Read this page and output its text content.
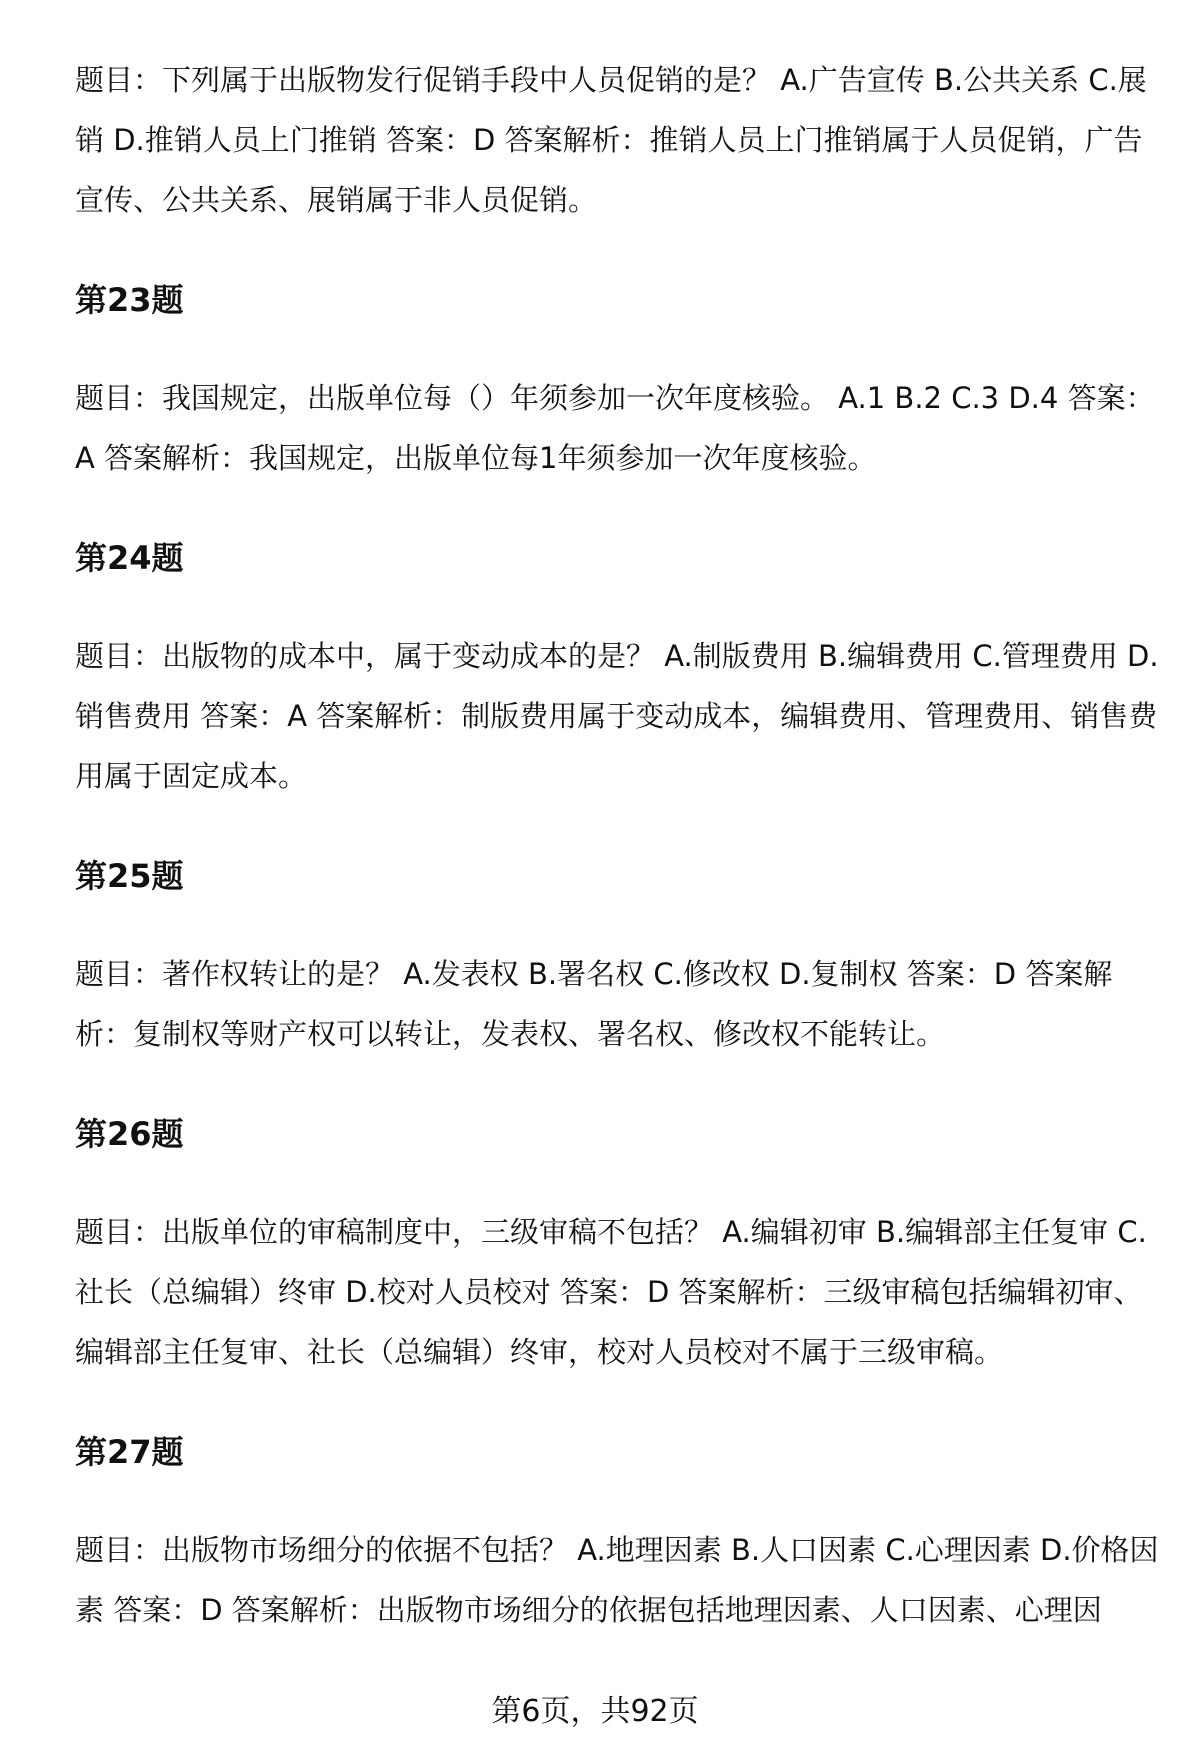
题目：下列属于出版物发行促销手段中人员促销的是？ A.广告宣传 B.公共关系 C.展销 D.推销人员上门推销 答案：D 答案解析：推销人员上门推销属于人员促销，广告宣传、公共关系、展销属于非人员促销。

第23题

题目：我国规定，出版单位每（）年须参加一次年度核验。 A.1 B.2 C.3 D.4 答案：A 答案解析：我国规定，出版单位每1年须参加一次年度核验。

第24题

题目：出版物的成本中，属于变动成本的是？ A.制版费用 B.编辑费用 C.管理费用 D.销售费用 答案：A 答案解析：制版费用属于变动成本，编辑费用、管理费用、销售费用属于固定成本。

第25题

题目：著作权转让的是？ A.发表权 B.署名权 C.修改权 D.复制权 答案：D 答案解析：复制权等财产权可以转让，发表权、署名权、修改权不能转让。

第26题

题目：出版单位的审稿制度中，三级审稿不包括？ A.编辑初审 B.编辑部主任复审 C.社长（总编辑）终审 D.校对人员校对 答案：D 答案解析：三级审稿包括编辑初审、编辑部主任复审、社长（总编辑）终审，校对人员校对不属于三级审稿。

第27题

题目：出版物市场细分的依据不包括？ A.地理因素 B.人口因素 C.心理因素 D.价格因素 答案：D 答案解析：出版物市场细分的依据包括地理因素、人口因素、心理因

第6页，共92页
